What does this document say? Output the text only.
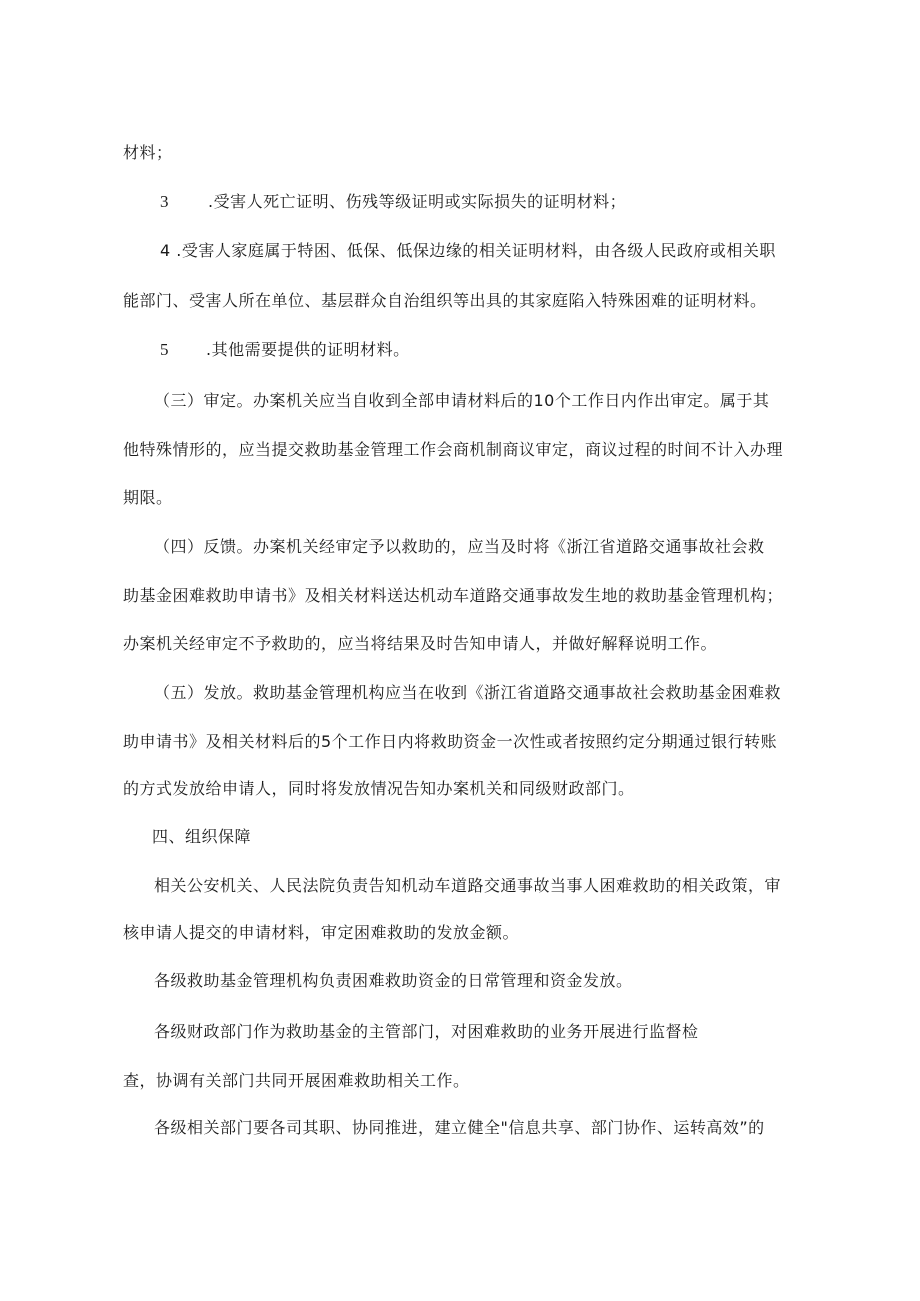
材料；
3 .受害人死亡证明、伤残等级证明或实际损失的证明材料；
4 .受害人家庭属于特困、低保、低保边缘的相关证明材料，由各级人民政府或相关职
能部门、受害人所在单位、基层群众自治组织等出具的其家庭陷入特殊困难的证明材料。
5 .其他需要提供的证明材料。
（三）审定。办案机关应当自收到全部申请材料后的10个工作日内作出审定。属于其
他特殊情形的，应当提交救助基金管理工作会商机制商议审定，商议过程的时间不计入办理
期限。
（四）反馈。办案机关经审定予以救助的，应当及时将《浙江省道路交通事故社会救
助基金困难救助申请书》及相关材料送达机动车道路交通事故发生地的救助基金管理机构；
办案机关经审定不予救助的，应当将结果及时告知申请人，并做好解释说明工作。
（五）发放。救助基金管理机构应当在收到《浙江省道路交通事故社会救助基金困难救
助申请书》及相关材料后的5个工作日内将救助资金一次性或者按照约定分期通过银行转账
的方式发放给申请人，同时将发放情况告知办案机关和同级财政部门。
四、组织保障
相关公安机关、人民法院负责告知机动车道路交通事故当事人困难救助的相关政策，审
核申请人提交的申请材料，审定困难救助的发放金额。
各级救助基金管理机构负责困难救助资金的日常管理和资金发放。
各级财政部门作为救助基金的主管部门，对困难救助的业务开展进行监督检
查，协调有关部门共同开展困难救助相关工作。
各级相关部门要各司其职、协同推进，建立健全"信息共享、部门协作、运转高效”的
